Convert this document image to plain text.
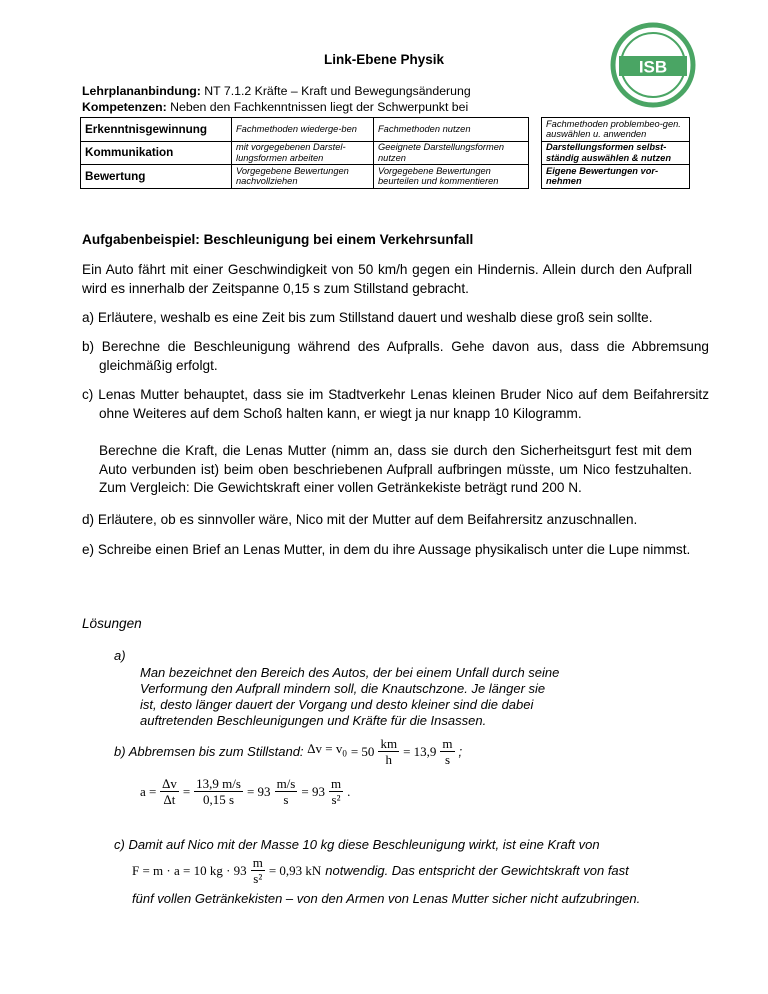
Link-Ebene Physik	ISB
Lehrplananbindung: NT 7.1.2 Kräfte – Kraft und Bewegungsänderung
Kompetenzen: Neben den Fachkenntnissen liegt der Schwerpunkt bei
Erkenntnisgewinnung	Fachmethoden wiederge-ben	Fachmethoden nutzen		Fachmethoden problembeo-gen. auswählen u. anwenden
Kommunikation	mit vorgegebenen Darstel-lungsformen arbeiten	Geeignete Darstellungsformen nutzen		Darstellungsformen selbst-ständig auswählen & nutzen
Bewertung	Vorgegebene Bewertungen nachvollziehen	Vorgegebene Bewertungen beurteilen und kommentieren		Eigene Bewertungen vor-nehmen
Aufgabenbeispiel: Beschleunigung bei einem Verkehrsunfall
Ein Auto fährt mit einer Geschwindigkeit von 50 km/h gegen ein Hindernis. Allein durch den Aufprall wird es innerhalb der Zeitspanne 0,15 s zum Stillstand gebracht.
a) Erläutere, weshalb es eine Zeit bis zum Stillstand dauert und weshalb diese groß sein sollte.
b) Berechne die Beschleunigung während des Aufpralls. Gehe davon aus, dass die Abbremsung gleichmäßig erfolgt.
c) Lenas Mutter behauptet, dass sie im Stadtverkehr Lenas kleinen Bruder Nico auf dem Beifahrersitz ohne Weiteres auf dem Schoß halten kann, er wiegt ja nur knapp 10 Kilogramm.
Berechne die Kraft, die Lenas Mutter (nimm an, dass sie durch den Sicherheitsgurt fest mit dem Auto verbunden ist) beim oben beschriebenen Aufprall aufbringen müsste, um Nico festzuhalten. Zum Vergleich: Die Gewichtskraft einer vollen Getränkekiste beträgt rund 200 N.
d) Erläutere, ob es sinnvoller wäre, Nico mit der Mutter auf dem Beifahrersitz anzuschnallen.
e) Schreibe einen Brief an Lenas Mutter, in dem du ihre Aussage physikalisch unter die Lupe nimmst.
Lösungen
a)
Man bezeichnet den Bereich des Autos, der bei einem Unfall durch seine Verformung den Aufprall mindern soll, die Knautschzone. Je länger sie ist, desto länger dauert der Vorgang und desto kleiner sind die dabei auftretenden Beschleunigungen und Kräfte für die Insassen.
b) Abbremsen bis zum Stillstand: $\Delta v = v_0 = 50 \frac{km}{h} = 13,9 \frac{m}{s}$ ;
$a = \frac{\Delta v}{\Delta t} = \frac{13,9 m/s}{0,15 s} = 93 \frac{m/s}{s} = 93 \frac{m}{\text{s²}}$ .
c) Damit auf Nico mit der Masse 10 kg diese Beschleunigung wirkt, ist eine Kraft von
F = m · a = 10 kg · $93 \frac{m}{\text{s²}} = 0,93$ kN notwendig. Das entspricht der Gewichtskraft von fast
fünf vollen Getränkekisten – von den Armen von Lenas Mutter sicher nicht aufzubringen.
